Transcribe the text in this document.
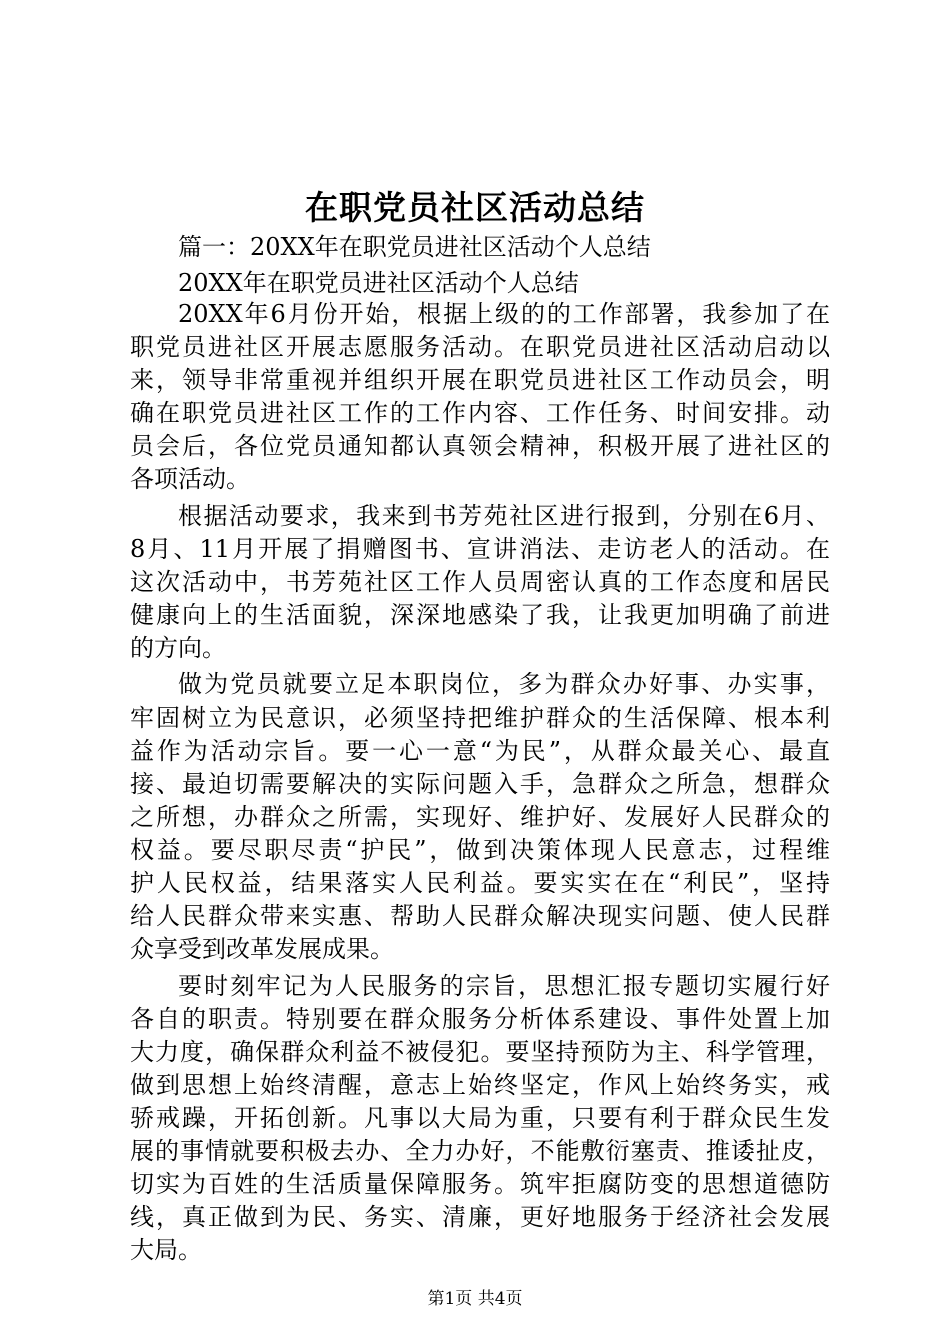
在职党员社区活动总结
篇一：20XX年在职党员进社区活动个人总结
20XX年在职党员进社区活动个人总结
20XX年6月份开始，根据上级的的工作部署，我参加了在
职党员进社区开展志愿服务活动。在职党员进社区活动启动以
来，领导非常重视并组织开展在职党员进社区工作动员会，明
确在职党员进社区工作的工作内容、工作任务、时间安排。动
员会后，各位党员通知都认真领会精神，积极开展了进社区的
各项活动。
根据活动要求，我来到书芳苑社区进行报到，分别在6月、
8月、11月开展了捐赠图书、宣讲消法、走访老人的活动。在
这次活动中，书芳苑社区工作人员周密认真的工作态度和居民
健康向上的生活面貌，深深地感染了我，让我更加明确了前进
的方向。
做为党员就要立足本职岗位，多为群众办好事、办实事，
牢固树立为民意识，必须坚持把维护群众的生活保障、根本利
益作为活动宗旨。要一心一意“为民”，从群众最关心、最直
接、最迫切需要解决的实际问题入手，急群众之所急，想群众
之所想，办群众之所需，实现好、维护好、发展好人民群众的
权益。要尽职尽责“护民”，做到决策体现人民意志，过程维
护人民权益，结果落实人民利益。要实实在在“利民”，坚持
给人民群众带来实惠、帮助人民群众解决现实问题、使人民群
众享受到改革发展成果。
要时刻牢记为人民服务的宗旨，思想汇报专题切实履行好
各自的职责。特别要在群众服务分析体系建设、事件处置上加
大力度，确保群众利益不被侵犯。要坚持预防为主、科学管理，
做到思想上始终清醒，意志上始终坚定，作风上始终务实，戒
骄戒躁，开拓创新。凡事以大局为重，只要有利于群众民生发
展的事情就要积极去办、全力办好，不能敷衍塞责、推诿扯皮，
切实为百姓的生活质量保障服务。筑牢拒腐防变的思想道德防
线，真正做到为民、务实、清廉，更好地服务于经济社会发展
大局。
第1页 共4页
